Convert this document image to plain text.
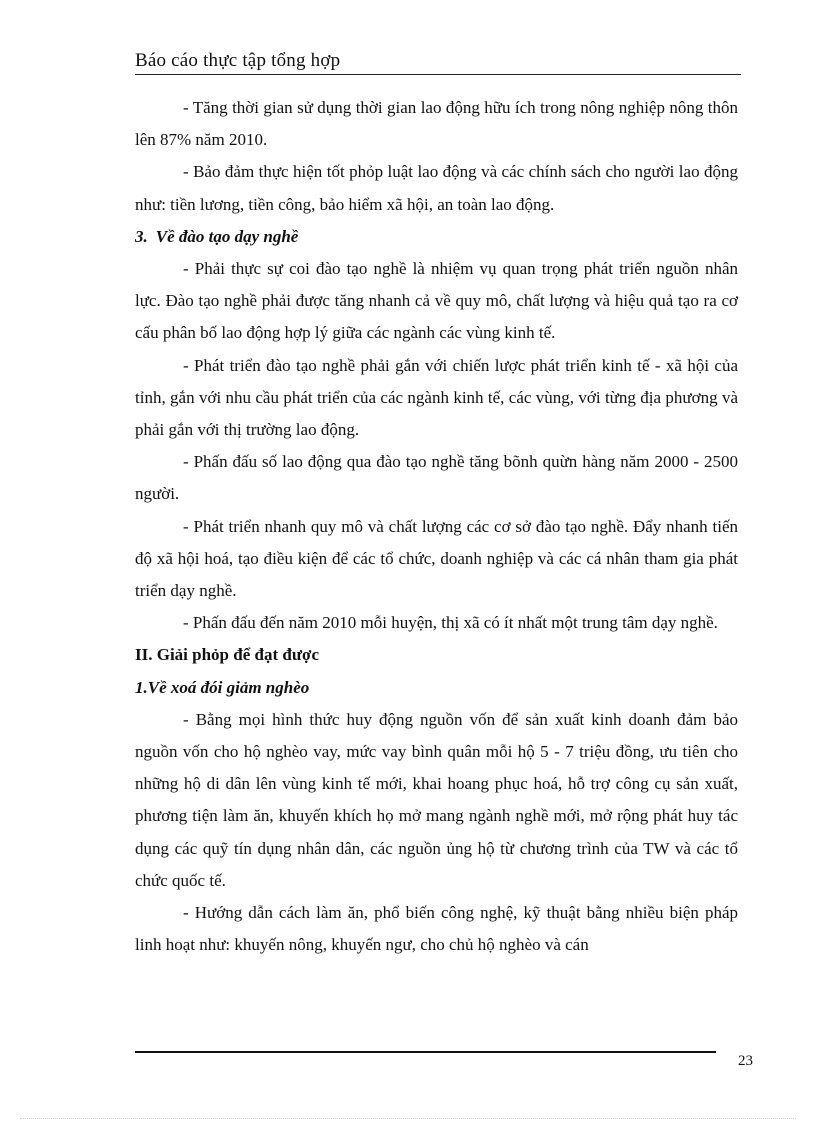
Báo cáo thực tập tổng hợp

- Tăng thời gian sử dụng thời gian lao động hữu ích trong nông nghiệp nông thôn lên 87% năm 2010.

- Bảo đảm thực hiện tốt phỏp luật lao động và các chính sách cho người lao động như: tiền lương, tiền công, bảo hiểm xã hội, an toàn lao động.

3. Về đào tạo dạy nghề

- Phải thực sự coi đào tạo nghề là nhiệm vụ quan trọng phát triển nguồn nhân lực. Đào tạo nghề phải được tăng nhanh cả về quy mô, chất lượng và hiệu quả tạo ra cơ cấu phân bố lao động hợp lý giữa các ngành các vùng kinh tế.

- Phát triển đào tạo nghề phải gắn với chiến lược phát triển kinh tế - xã hội của tỉnh, gắn với nhu cầu phát triển của các ngành kinh tế, các vùng, với từng địa phương và phải gắn với thị trường lao động.

- Phấn đấu số lao động qua đào tạo nghề tăng bõnh quừn hàng năm 2000 - 2500 người.

- Phát triển nhanh quy mô và chất lượng các cơ sở đào tạo nghề. Đẩy nhanh tiến độ xã hội hoá, tạo điều kiện để các tổ chức, doanh nghiệp và các cá nhân tham gia phát triển dạy nghề.

- Phấn đấu đến năm 2010 mỗi huyện, thị xã có ít nhất một trung tâm dạy nghề.

II. Giải phỏp để đạt được

1.Về xoá đói giảm nghèo

- Bằng mọi hình thức huy động nguồn vốn để sản xuất kinh doanh đảm bảo nguồn vốn cho hộ nghèo vay, mức vay bình quân mỗi hộ 5 - 7 triệu đồng, ưu tiên cho những hộ di dân lên vùng kinh tế mới, khai hoang phục hoá, hỗ trợ công cụ sản xuất, phương tiện làm ăn, khuyến khích họ mở mang ngành nghề mới, mở rộng phát huy tác dụng các quỹ tín dụng nhân dân, các nguồn ủng hộ từ chương trình của TW và các tổ chức quốc tế.

- Hướng dẫn cách làm ăn, phổ biến công nghệ, kỹ thuật bằng nhiều biện pháp linh hoạt như: khuyến nông, khuyến ngư, cho chủ hộ nghèo và cán

23
